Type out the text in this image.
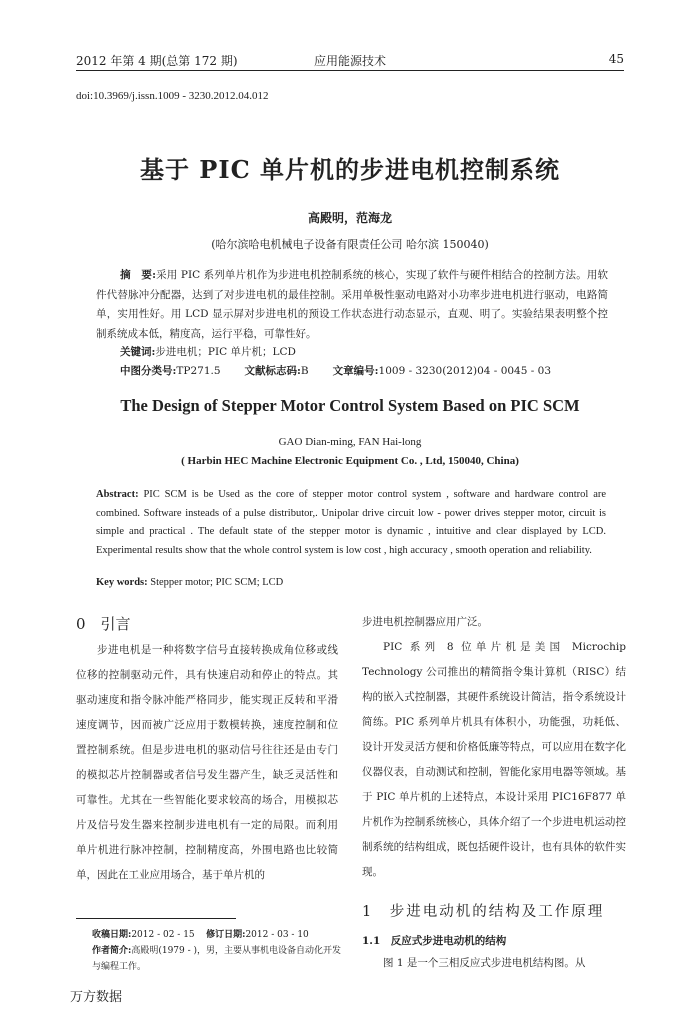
2012 年第 4 期(总第 172 期)	应用能源技术	45
doi:10.3969/j.issn.1009 - 3230.2012.04.012
基于 PIC 单片机的步进电机控制系统
高殿明，范海龙
(哈尔滨哈电机械电子设备有限责任公司 哈尔滨 150040)
摘　要:采用 PIC 系列单片机作为步进电机控制系统的核心，实现了软件与硬件相结合的控制方法。用软件代替脉冲分配器，达到了对步进电机的最佳控制。采用单极性驱动电路对小功率步进电机进行驱动，电路简单，实用性好。用 LCD 显示屏对步进电机的预设工作状态进行动态显示，直观、明了。实验结果表明整个控制系统成本低，精度高，运行平稳，可靠性好。
关键词:步进电机；PIC 单片机；LCD
中图分类号:TP271.5 文献标志码:B 文章编号:1009 - 3230(2012)04 - 0045 - 03
The Design of Stepper Motor Control System Based on PIC SCM
GAO Dian-ming, FAN Hai-long
( Harbin HEC Machine Electronic Equipment Co. , Ltd, 150040, China)
Abstract: PIC SCM is be Used as the core of stepper motor control system , software and hardware control are combined. Software insteads of a pulse distributor,. Unipolar drive circuit low - power drives stepper motor, circuit is simple and practical . The default state of the stepper motor is dynamic , intuitive and clear displayed by LCD. Experimental results show that the whole control system is low cost , high accuracy , smooth operation and reliability.
Key words: Stepper motor; PIC SCM; LCD
0　引言

步进电机是一种将数字信号直接转换成角位移或线位移的控制驱动元件，具有快速启动和停止的特点。其驱动速度和指令脉冲能严格同步，能实现正反转和平滑速度调节，因而被广泛应用于数模转换，速度控制和位置控制系统。但是步进电机的驱动信号往往还是由专门的模拟芯片控制器或者信号发生器产生，缺乏灵活性和可靠性。尤其在一些智能化要求较高的场合，用模拟芯片及信号发生器来控制步进电机有一定的局限。而利用单片机进行脉冲控制，控制精度高，外围电路也比较简单，因此在工业应用场合，基于单片机的

步进电机控制器应用广泛。

PIC 系列 8 位单片机是美国 Microchip Technology 公司推出的精简指令集计算机（RISC）结构的嵌入式控制器，其硬件系统设计简洁，指令系统设计简练。PIC 系列单片机具有体积小，功能强，功耗低、设计开发灵活方便和价格低廉等特点，可以应用在数字化仪器仪表，自动测试和控制，智能化家用电器等领域。基于 PIC 单片机的上述特点，本设计采用 PIC16F877 单片机作为控制系统核心，具体介绍了一个步进电机运动控制系统的结构组成，既包括硬件设计，也有具体的软件实现。

1　步进电动机的结构及工作原理
1.1　反应式步进电动机的结构
图 1 是一个三相反应式步进电机结构图。从
收稿日期:2012 - 02 - 15 修订日期:2012 - 03 - 10
作者简介:高殿明(1979 - )，男，主要从事机电设备自动化开发与编程工作。
万方数据
